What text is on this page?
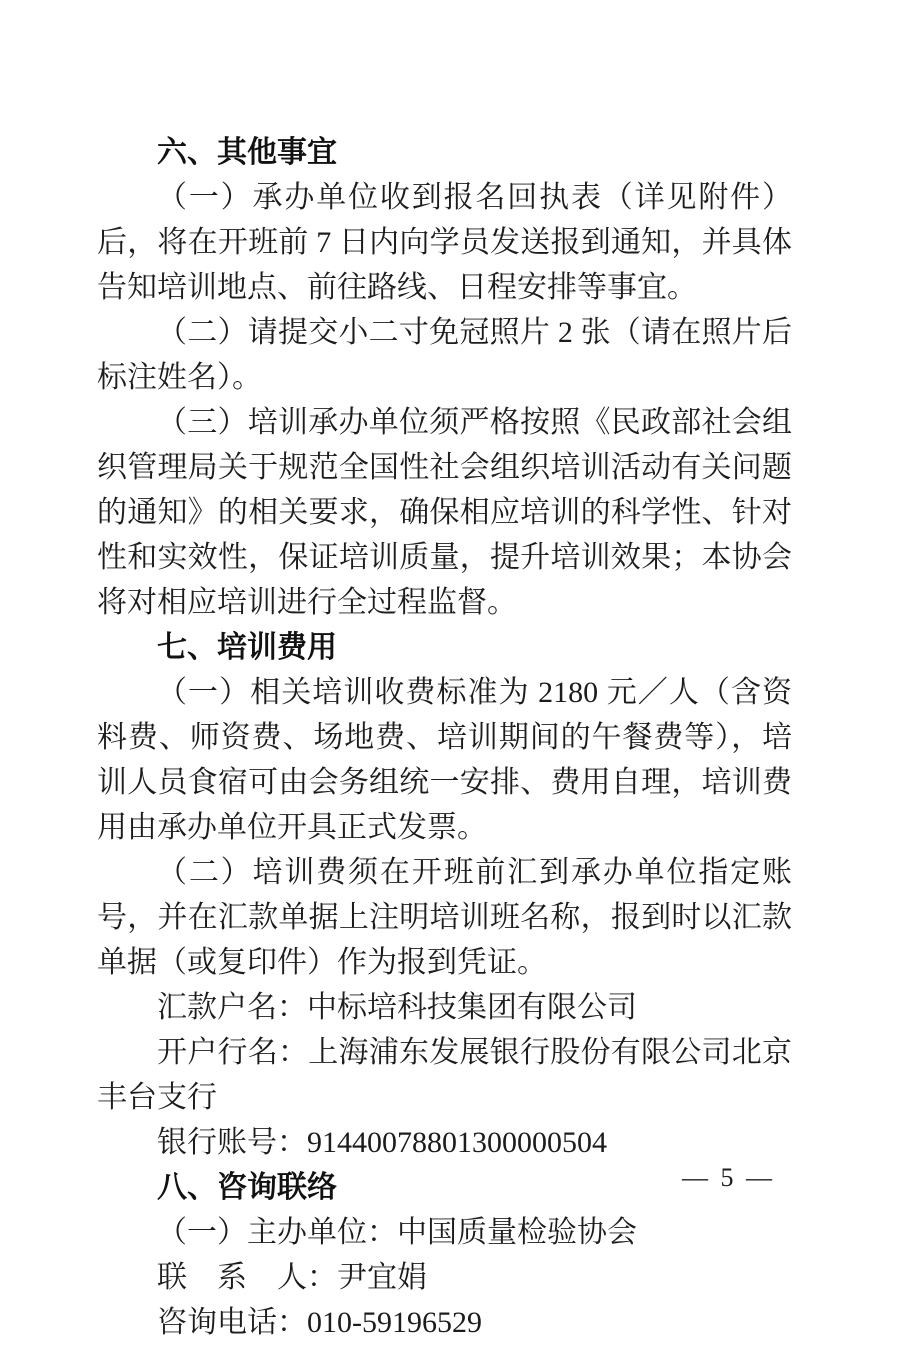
六、其他事宜

（一）承办单位收到报名回执表（详见附件）后，将在开班前 7 日内向学员发送报到通知，并具体告知培训地点、前往路线、日程安排等事宜。

（二）请提交小二寸免冠照片 2 张（请在照片后标注姓名）。

（三）培训承办单位须严格按照《民政部社会组织管理局关于规范全国性社会组织培训活动有关问题的通知》的相关要求，确保相应培训的科学性、针对性和实效性，保证培训质量，提升培训效果；本协会将对相应培训进行全过程监督。

七、培训费用

（一）相关培训收费标准为 2180 元／人（含资料费、师资费、场地费、培训期间的午餐费等），培训人员食宿可由会务组统一安排、费用自理，培训费用由承办单位开具正式发票。

（二）培训费须在开班前汇到承办单位指定账号，并在汇款单据上注明培训班名称，报到时以汇款单据（或复印件）作为报到凭证。

汇款户名：中标培科技集团有限公司

开户行名：上海浦东发展银行股份有限公司北京丰台支行

银行账号：91440078801300000504

八、咨询联络

（一）主办单位：中国质量检验协会

联　系　人：尹宜娟

咨询电话：010-59196529

— 5 —
